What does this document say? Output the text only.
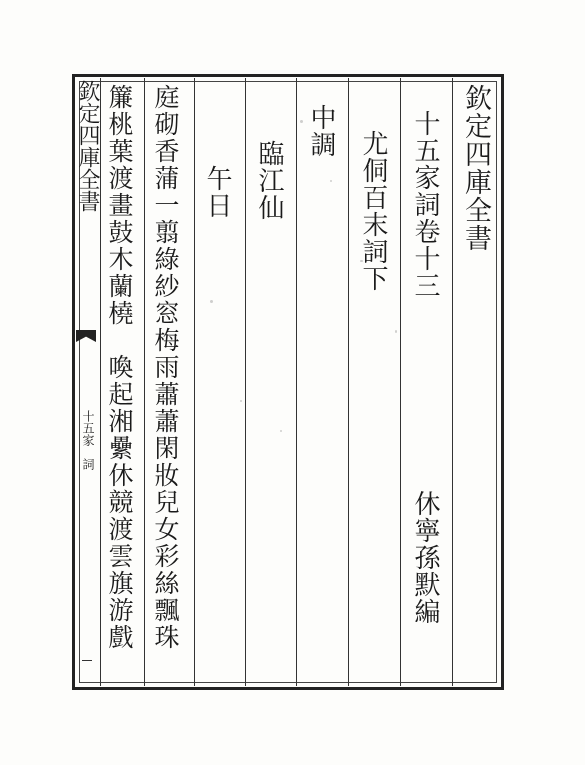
欽定四庫全書
十五家　詞
欽定四庫全書
十五家詞卷十三
尤侗百末詞下
休寧孫默編
中調
臨江仙
午日
庭砌香蒲一翦綠紗窓梅雨蕭蕭閑妝兒女彩絲飄珠
簾桃葉渡畫鼓木蘭橈　喚起湘纍休競渡雲旗游戲
